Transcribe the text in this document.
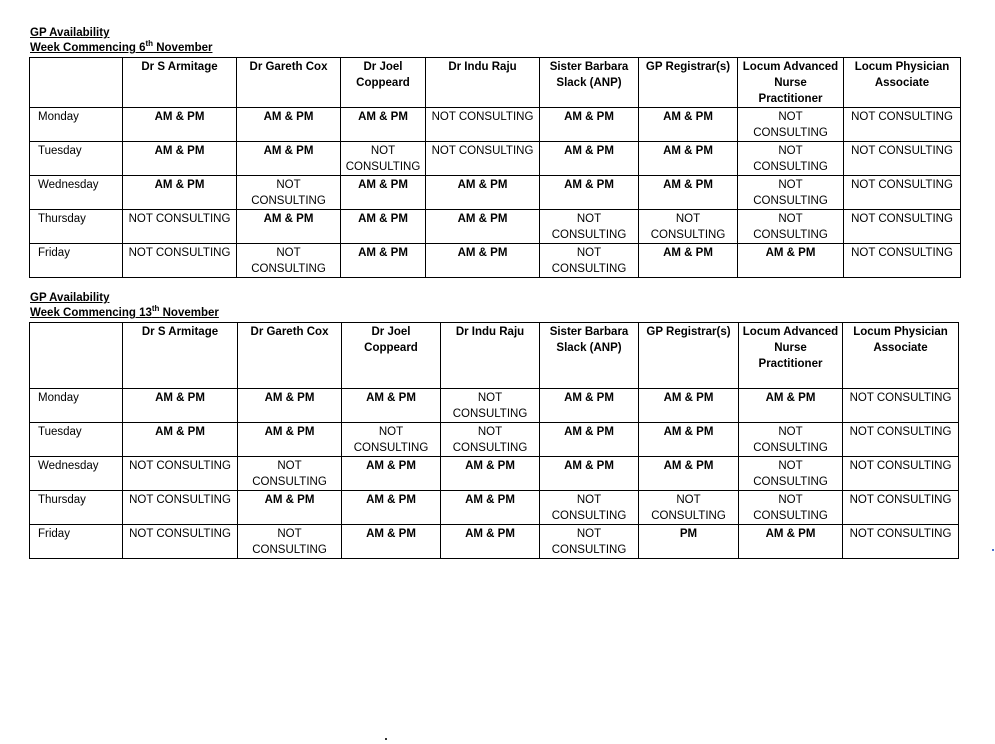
GP Availability
Week Commencing 6th November
	Dr S Armitage	Dr Gareth Cox	Dr Joel Coppeard	Dr Indu Raju	Sister Barbara Slack (ANP)	GP Registrar(s)	Locum Advanced Nurse Practitioner	Locum Physician Associate
Monday	AM & PM	AM & PM	AM & PM	NOT CONSULTING	AM & PM	AM & PM	NOT CONSULTING	NOT CONSULTING
Tuesday	AM & PM	AM & PM	NOT CONSULTING	NOT CONSULTING	AM & PM	AM & PM	NOT CONSULTING	NOT CONSULTING
Wednesday	AM & PM	NOT CONSULTING	AM & PM	AM & PM	AM & PM	AM & PM	NOT CONSULTING	NOT CONSULTING
Thursday	NOT CONSULTING	AM & PM	AM & PM	AM & PM	NOT CONSULTING	NOT CONSULTING	NOT CONSULTING	NOT CONSULTING
Friday	NOT CONSULTING	NOT CONSULTING	AM & PM	AM & PM	NOT CONSULTING	AM & PM	AM & PM	NOT CONSULTING
GP Availability
Week Commencing 13th November
	Dr S Armitage	Dr Gareth Cox	Dr Joel Coppeard	Dr Indu Raju	Sister Barbara Slack (ANP)	GP Registrar(s)	Locum Advanced Nurse Practitioner	Locum Physician Associate
Monday	AM & PM	AM & PM	AM & PM	NOT CONSULTING	AM & PM	AM & PM	AM & PM	NOT CONSULTING
Tuesday	AM & PM	AM & PM	NOT CONSULTING	NOT CONSULTING	AM & PM	AM & PM	NOT CONSULTING	NOT CONSULTING
Wednesday	NOT CONSULTING	NOT CONSULTING	AM & PM	AM & PM	AM & PM	AM & PM	NOT CONSULTING	NOT CONSULTING
Thursday	NOT CONSULTING	AM & PM	AM & PM	AM & PM	NOT CONSULTING	NOT CONSULTING	NOT CONSULTING	NOT CONSULTING
Friday	NOT CONSULTING	NOT CONSULTING	AM & PM	AM & PM	NOT CONSULTING	PM	AM & PM	NOT CONSULTING
